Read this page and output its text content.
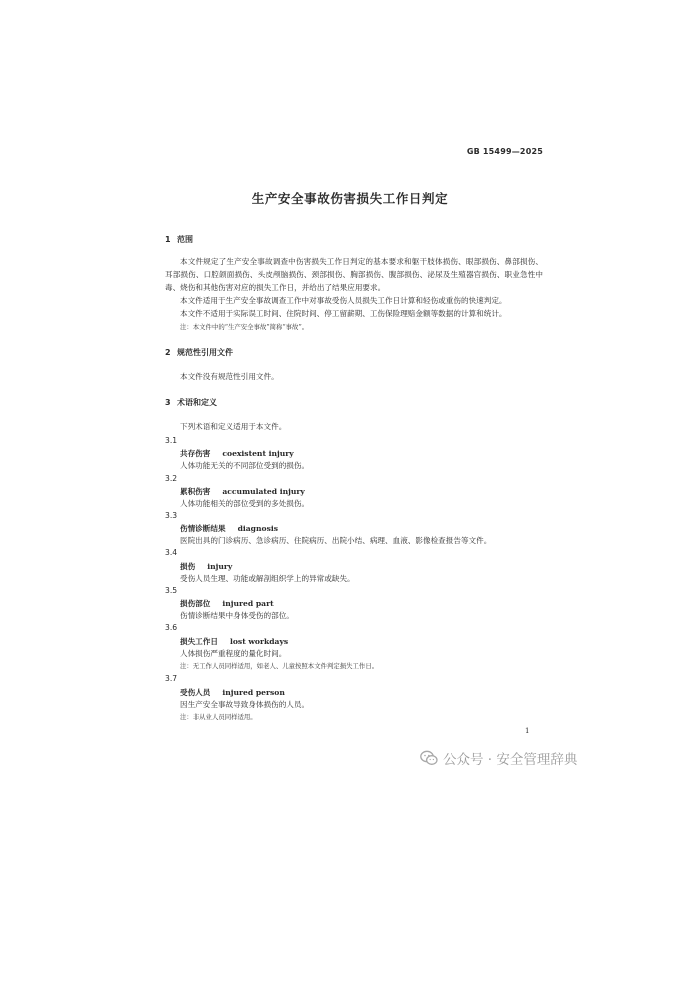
GB 15499—2025
生产安全事故伤害损失工作日判定
1 范围
本文件规定了生产安全事故调查中伤害损失工作日判定的基本要求和躯干肢体损伤、眼部损伤、鼻部损伤、耳部损伤、口腔颌面损伤、头皮颅脑损伤、颈部损伤、胸部损伤、腹部损伤、泌尿及生殖器官损伤、职业急性中毒、烧伤和其他伤害对应的损失工作日，并给出了结果应用要求。
本文件适用于生产安全事故调查工作中对事故受伤人员损失工作日计算和轻伤或重伤的快速判定。
本文件不适用于实际误工时间、住院时间、停工留薪期、工伤保险理赔金额等数据的计算和统计。
注：本文件中的“生产安全事故”简称“事故”。
2 规范性引用文件
本文件没有规范性引用文件。
3 术语和定义
下列术语和定义适用于本文件。
3.1
共存伤害 coexistent injury
人体功能无关的不同部位受到的损伤。
3.2
累积伤害 accumulated injury
人体功能相关的部位受到的多处损伤。
3.3
伤情诊断结果 diagnosis
医院出具的门诊病历、急诊病历、住院病历、出院小结、病理、血液、影像检查报告等文件。
3.4
损伤 injury
受伤人员生理、功能或解剖组织学上的异常或缺失。
3.5
损伤部位 injured part
伤情诊断结果中身体受伤的部位。
3.6
损失工作日 lost workdays
人体损伤严重程度的量化时间。
注：无工作人员同样适用，如老人、儿童按照本文件判定损失工作日。
3.7
受伤人员 injured person
因生产安全事故导致身体损伤的人员。
注：非从业人员同样适用。
1
公众号 · 安全管理辞典
